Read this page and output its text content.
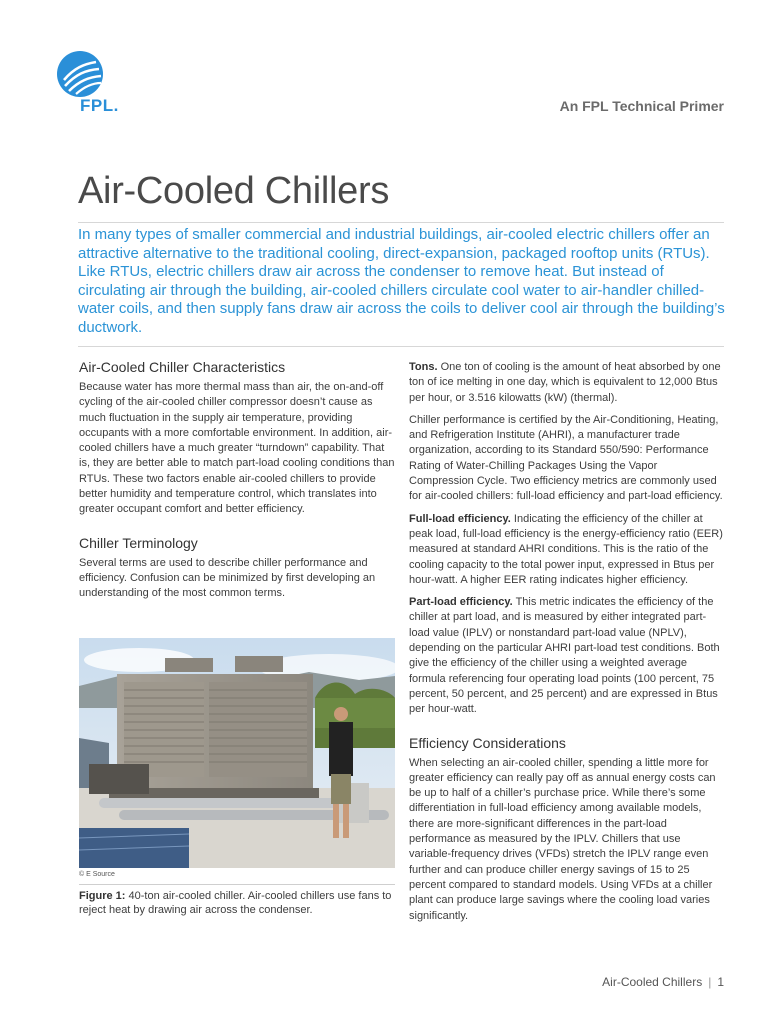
FPL.	An FPL Technical Primer
Air-Cooled Chillers

In many types of smaller commercial and industrial buildings, air-cooled electric chillers offer an attractive alternative to the traditional cooling, direct-expansion, packaged rooftop units (RTUs). Like RTUs, electric chillers draw air across the condenser to remove heat. But instead of circulating air through the building, air-cooled chillers circulate cool water to air-handler chilled-water coils, and then supply fans draw air across the coils to deliver cool air through the building’s ductwork.

Air-Cooled Chiller Characteristics

Because water has more thermal mass than air, the on-and-off cycling of the air-cooled chiller compressor doesn’t cause as much fluctuation in the supply air temperature, providing occupants with a more comfortable environment. In addition, air-cooled chillers have a much greater “turndown” capability. That is, they are better able to match part-load cooling conditions than RTUs. These two factors enable air-cooled chillers to provide better humidity and temperature control, which translates into greater occupant comfort and better efficiency.

Chiller Terminology

Several terms are used to describe chiller performance and efficiency. Confusion can be minimized by first developing an understanding of the most common terms.

© E Source

Figure 1: 40-ton air-cooled chiller. Air-cooled chillers use fans to reject heat by drawing air across the condenser.

Tons. One ton of cooling is the amount of heat absorbed by one ton of ice melting in one day, which is equivalent to 12,000 Btus per hour, or 3.516 kilowatts (kW) (thermal).

Chiller performance is certified by the Air-Conditioning, Heating, and Refrigeration Institute (AHRI), a manufacturer trade organization, according to its Standard 550/590: Performance Rating of Water-Chilling Packages Using the Vapor Compression Cycle. Two efficiency metrics are commonly used for air-cooled chillers: full-load efficiency and part-load efficiency.

Full-load efficiency. Indicating the efficiency of the chiller at peak load, full-load efficiency is the energy-efficiency ratio (EER) measured at standard AHRI conditions. This is the ratio of the cooling capacity to the total power input, expressed in Btus per hour-watt. A higher EER rating indicates higher efficiency.

Part-load efficiency. This metric indicates the efficiency of the chiller at part load, and is measured by either integrated part-load value (IPLV) or nonstandard part-load value (NPLV), depending on the particular AHRI part-load test conditions. Both give the efficiency of the chiller using a weighted average formula referencing four operating load points (100 percent, 75 percent, 50 percent, and 25 percent) and are expressed in Btus per hour-watt.

Efficiency Considerations

When selecting an air-cooled chiller, spending a little more for greater efficiency can really pay off as annual energy costs can be up to half of a chiller’s purchase price. While there’s some differentiation in full-load efficiency among available models, there are more-significant differences in the part-load performance as measured by the IPLV. Chillers that use variable-frequency drives (VFDs) stretch the IPLV range even further and can produce chiller energy savings of 15 to 25 percent compared to standard models. Using VFDs at a chiller plant can produce large savings where the cooling load varies significantly.

Air-Cooled Chillers | 1
